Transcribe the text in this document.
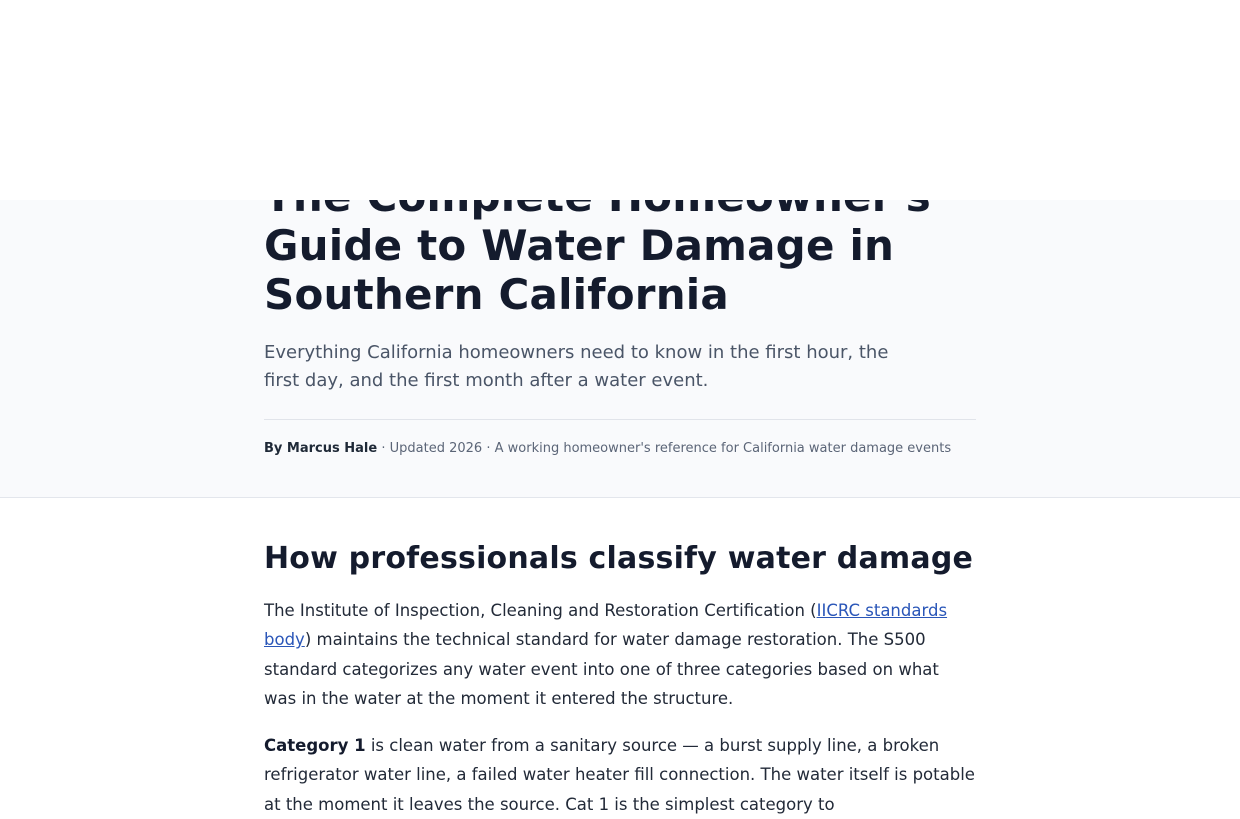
Guide to Water Damage in Southern California

Everything California homeowners need to know in the first hour, the first day, and the first month after a water event.

By Marcus Hale · Updated 2026 · A working homeowner's reference for California water damage events
How professionals classify water damage

The Institute of Inspection, Cleaning and Restoration Certification (IICRC standards body) maintains the technical standard for water damage restoration. The S500 standard categorizes any water event into one of three categories based on what was in the water at the moment it entered the structure.

Category 1 is clean water from a sanitary source — a burst supply line, a broken refrigerator water line, a failed water heater fill connection. The water itself is potable at the moment it leaves the source. Cat 1 is the simplest category to
